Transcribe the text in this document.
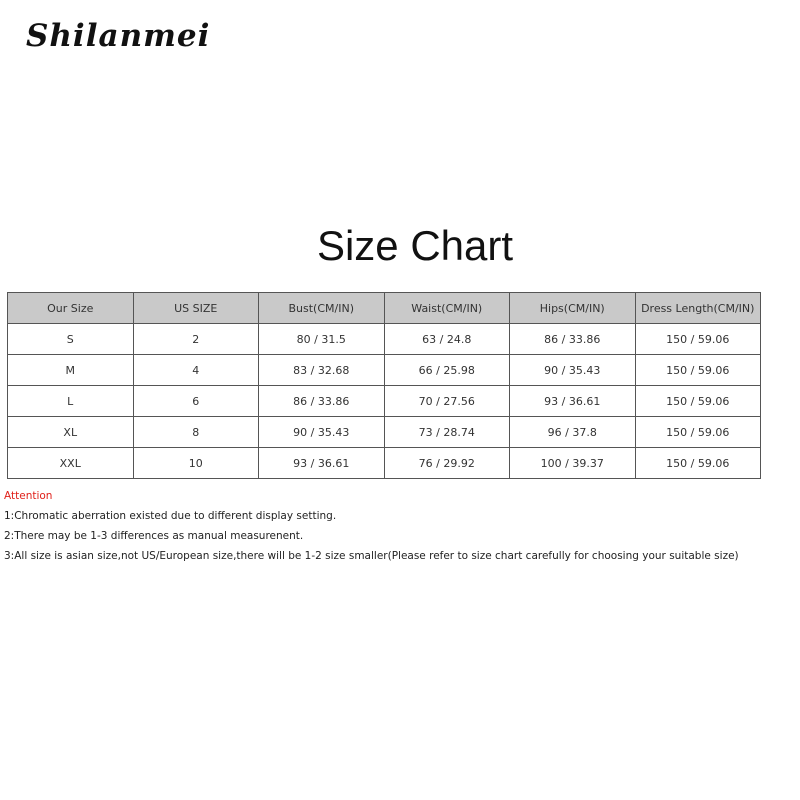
Shilanmei
Size Chart
Our Size	US SIZE	Bust(CM/IN)	Waist(CM/IN)	Hips(CM/IN)	Dress Length(CM/IN)
S	2	80 / 31.5	63 / 24.8	86 / 33.86	150 / 59.06
M	4	83 / 32.68	66 / 25.98	90 / 35.43	150 / 59.06
L	6	86 / 33.86	70 / 27.56	93 / 36.61	150 / 59.06
XL	8	90 / 35.43	73 / 28.74	96 / 37.8	150 / 59.06
XXL	10	93 / 36.61	76 / 29.92	100 / 39.37	150 / 59.06
Attention
1:Chromatic aberration existed due to different display setting.
2:There may be 1-3 differences as manual measurenent.
3:All size is asian size,not US/European size,there will be 1-2 size smaller(Please refer to size chart carefully for choosing your suitable size)
